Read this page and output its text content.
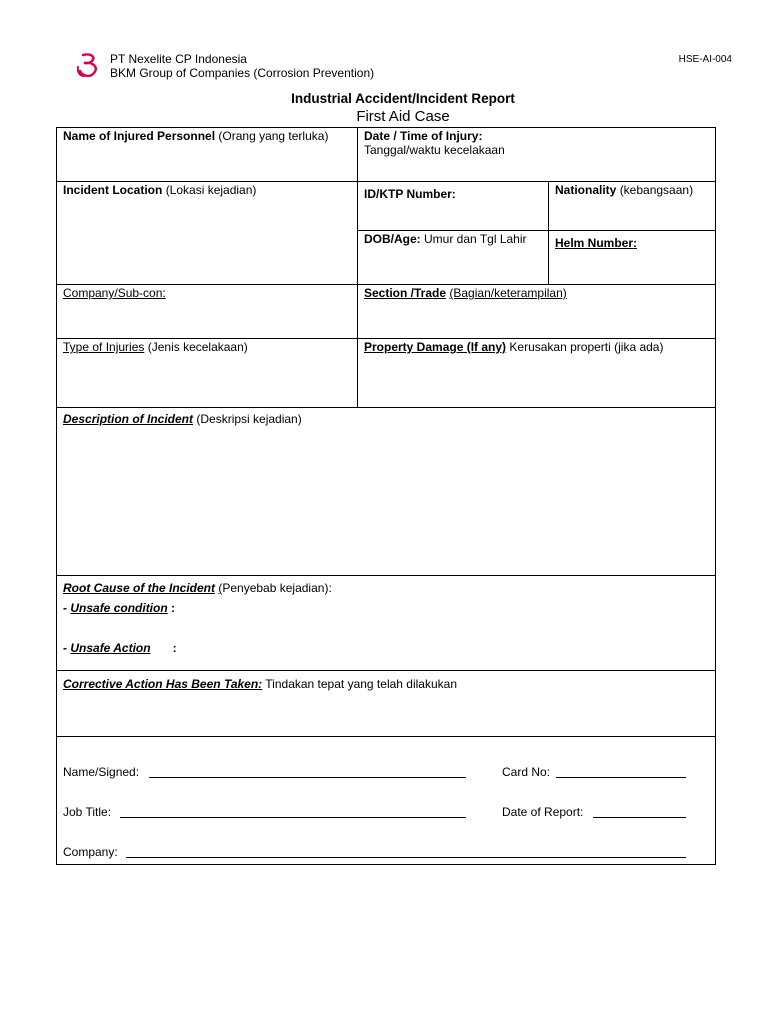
PT Nexelite CP Indonesia
BKM Group of Companies (Corrosion Prevention)
HSE-AI-004
Industrial Accident/Incident Report
First Aid Case
Name of Injured Personnel (Orang yang terluka)	Date / Time of Injury:
Tanggal/waktu kecelakaan	

Incident Location (Lokasi kejadian)	ID/KTP Number:	Nationality (kebangsaan)

	DOB/Age: Umur dan Tgl Lahir	Helm Number:

Company/Sub-con:	Section /Trade (Bagian/keterampilan)	

Type of Injuries (Jenis kecelakaan)	Property Damage (If any) Kerusakan properti (jika ada)	

Description of Incident (Deskripsi kejadian)		

Root Cause of the Incident (Penyebab kejadian):
- Unsafe condition :
- Unsafe Action :		

Corrective Action Has Been Taken: Tindakan tepat yang telah dilakukan		

Name/Signed: Card No:
Job Title: Date of Report:
Company:		
